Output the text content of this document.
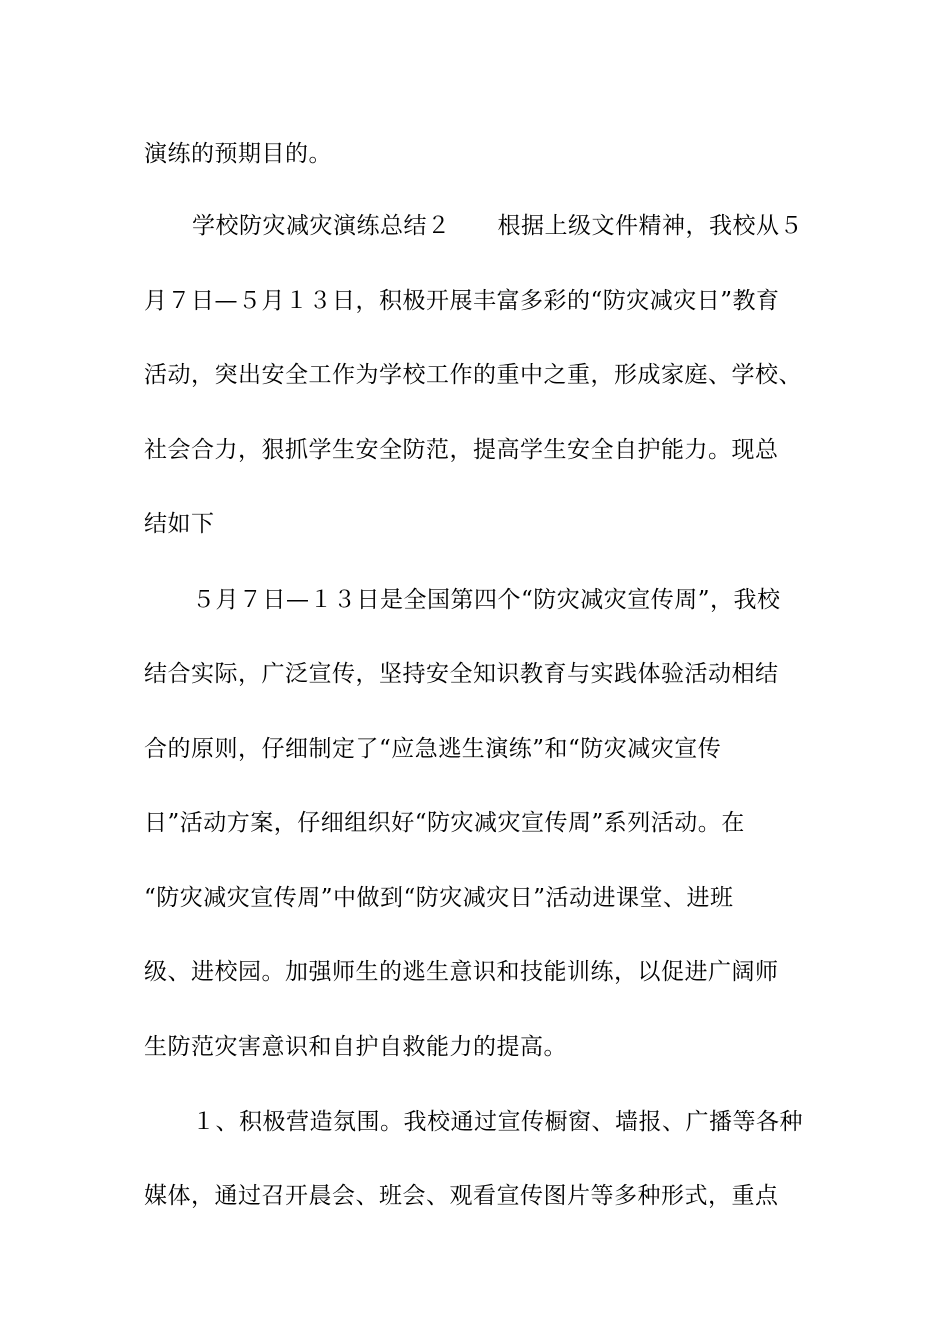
演练的预期目的。
学校防灾减灾演练总结２　　根据上级文件精神，我校从５
月７日—５月１３日，积极开展丰富多彩的“防灾减灾日”教育
活动，突出安全工作为学校工作的重中之重，形成家庭、学校、
社会合力，狠抓学生安全防范，提高学生安全自护能力。现总
结如下
５月７日—１３日是全国第四个“防灾减灾宣传周”，我校
结合实际，广泛宣传，坚持安全知识教育与实践体验活动相结
合的原则，仔细制定了“应急逃生演练”和“防灾减灾宣传
日”活动方案，仔细组织好“防灾减灾宣传周”系列活动。在
“防灾减灾宣传周”中做到“防灾减灾日”活动进课堂、进班
级、进校园。加强师生的逃生意识和技能训练，以促进广阔师
生防范灾害意识和自护自救能力的提高。
１、积极营造氛围。我校通过宣传橱窗、墙报、广播等各种
媒体，通过召开晨会、班会、观看宣传图片等多种形式，重点
